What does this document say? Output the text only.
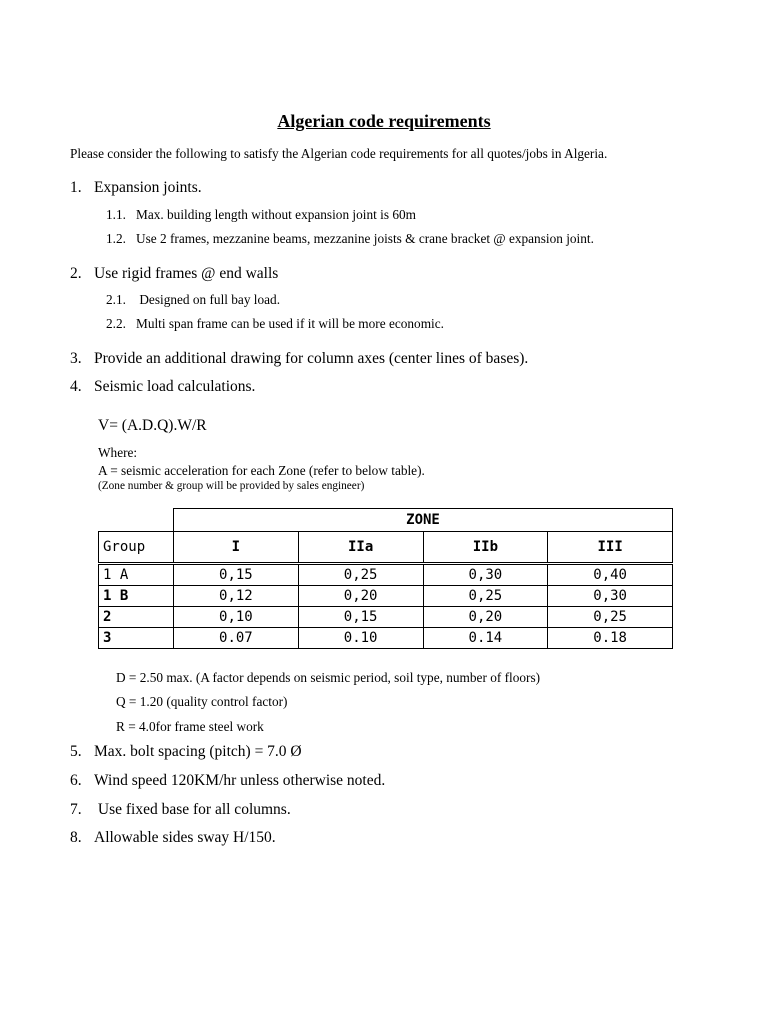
Algerian code requirements
Please consider the following to satisfy the Algerian code requirements for all quotes/jobs in Algeria.
1. Expansion joints.
1.1. Max. building length without expansion joint is 60m
1.2. Use 2 frames, mezzanine beams, mezzanine joists & crane bracket @ expansion joint.
2. Use rigid frames @ end walls
2.1. Designed on full bay load.
2.2. Multi span frame can be used if it will be more economic.
3. Provide an additional drawing for column axes (center lines of bases).
4. Seismic load calculations.
V= (A.D.Q).W/R
Where:
A = seismic acceleration for each Zone (refer to below table).
(Zone number & group will be provided by sales engineer)
	ZONE			
Group	I	IIa	IIb	III
1 A	0,15	0,25	0,30	0,40
1 B	0,12	0,20	0,25	0,30
2	0,10	0,15	0,20	0,25
3	0.07	0.10	0.14	0.18
D = 2.50 max. (A factor depends on seismic period, soil type, number of floors)
Q = 1.20 (quality control factor)
R = 4.0for frame steel work
5. Max. bolt spacing (pitch) = 7.0 Ø
6. Wind speed 120KM/hr unless otherwise noted.
7. Use fixed base for all columns.
8. Allowable sides sway H/150.
